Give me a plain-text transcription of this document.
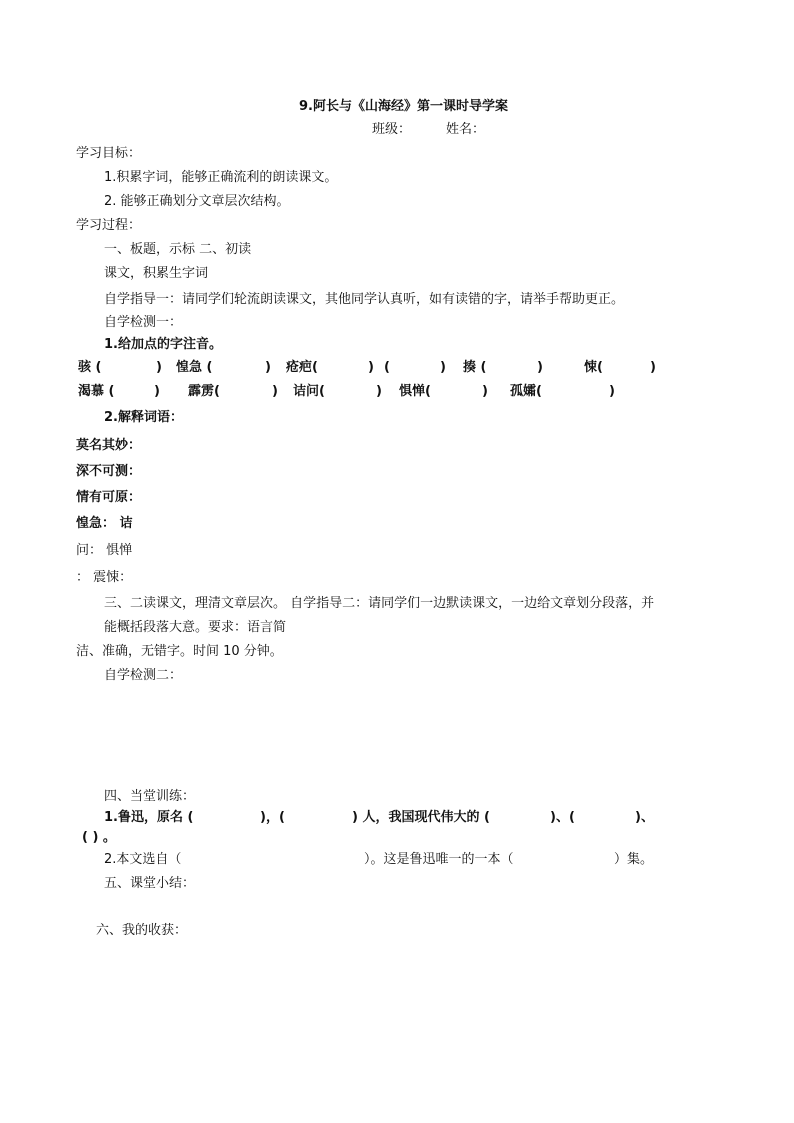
9.阿长与《山海经》第一课时导学案
班级：	姓名：
学习目标：
1.积累字词，能够正确流利的朗读课文。
2. 能够正确划分文章层次结构。
学习过程：
一、板题，示标 二、初读
课文，积累生字词
自学指导一：请同学们轮流朗读课文，其他同学认真听，如有读错的字，请举手帮助更正。
自学检测一：
1.给加点的字注音。
骇 (	) 惶急 (	) 疮疤(	) (	) 揍 (	)	悚(	)
渴慕 (	) 霹雳(	) 诘问(	) 惧惮(	) 孤孀(	)
2.解释词语：
莫名其妙：
深不可测：
情有可原：
惶急： 诘
问： 惧惮
： 震悚：
三、二读课文，理清文章层次。 自学指导二：请同学们一边默读课文，一边给文章划分段落，并
能概括段落大意。要求：语言简
洁、准确，无错字。时间 10 分钟。
自学检测二：
四、当堂训练：
1.鲁迅，原名 (	)，(	) 人，我国现代伟大的 (	)、(	)、
( ) 。
2.本文选自（	）。这是鲁迅唯一的一本（	）集。
五、课堂小结：
六、我的收获：
